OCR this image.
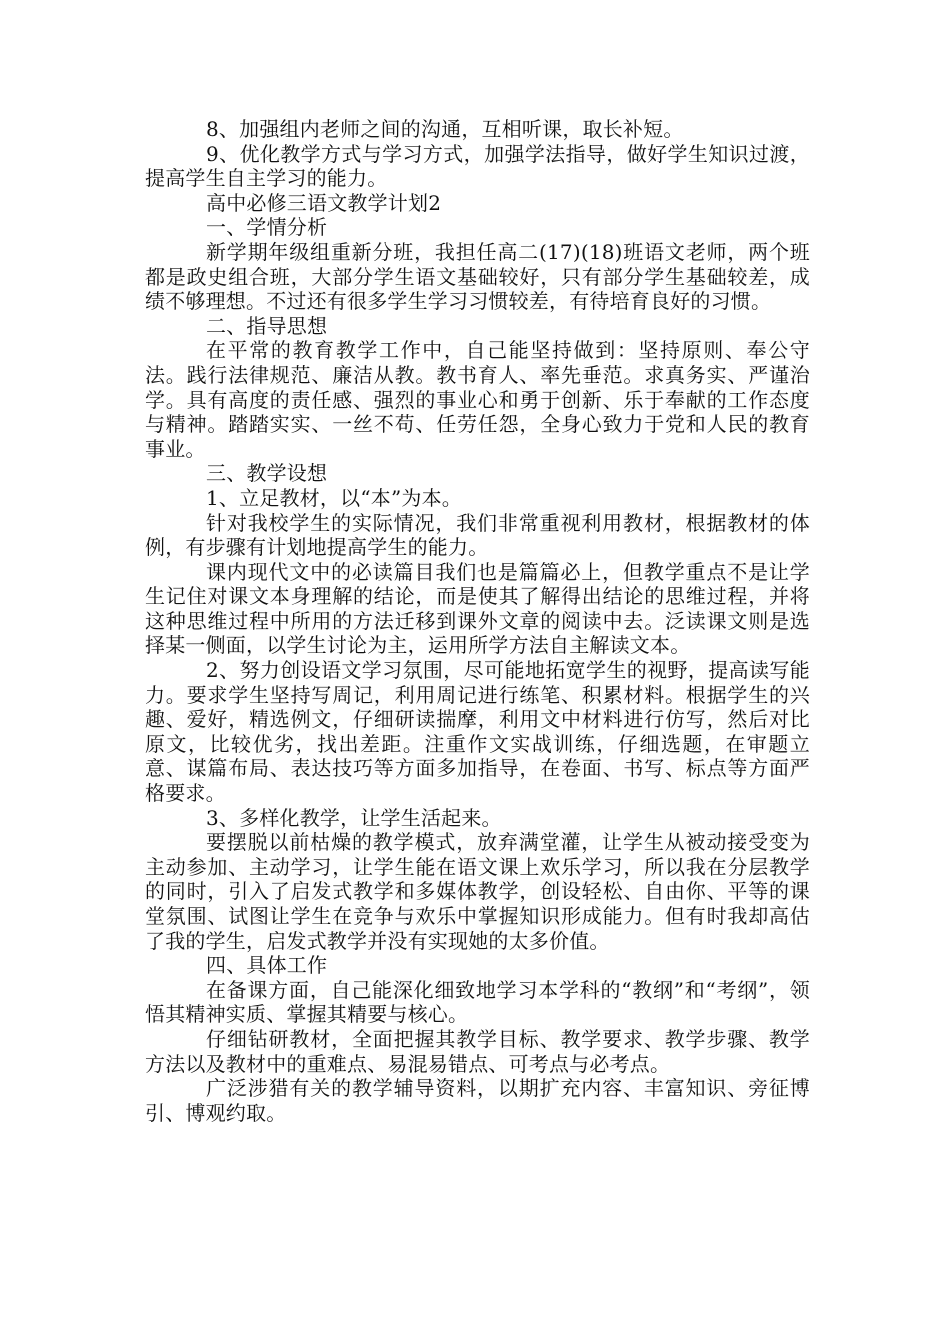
8、加强组内老师之间的沟通，互相听课，取长补短。

9、优化教学方式与学习方式，加强学法指导，做好学生知识过渡，提高学生自主学习的能力。

高中必修三语文教学计划2

一、学情分析

新学期年级组重新分班，我担任高二(17)(18)班语文老师，两个班都是政史组合班，大部分学生语文基础较好，只有部分学生基础较差，成绩不够理想。不过还有很多学生学习习惯较差，有待培育良好的习惯。

二、指导思想

在平常的教育教学工作中，自己能坚持做到：坚持原则、奉公守法。践行法律规范、廉洁从教。教书育人、率先垂范。求真务实、严谨治学。具有高度的责任感、强烈的事业心和勇于创新、乐于奉献的工作态度与精神。踏踏实实、一丝不苟、任劳任怨，全身心致力于党和人民的教育事业。

三、教学设想

1、立足教材，以“本”为本。

针对我校学生的实际情况，我们非常重视利用教材，根据教材的体例，有步骤有计划地提高学生的能力。

课内现代文中的必读篇目我们也是篇篇必上，但教学重点不是让学生记住对课文本身理解的结论，而是使其了解得出结论的思维过程，并将这种思维过程中所用的方法迁移到课外文章的阅读中去。泛读课文则是选择某一侧面，以学生讨论为主，运用所学方法自主解读文本。

2、努力创设语文学习氛围，尽可能地拓宽学生的视野，提高读写能力。要求学生坚持写周记，利用周记进行练笔、积累材料。根据学生的兴趣、爱好，精选例文，仔细研读揣摩，利用文中材料进行仿写，然后对比原文，比较优劣，找出差距。注重作文实战训练，仔细选题，在审题立意、谋篇布局、表达技巧等方面多加指导，在卷面、书写、标点等方面严格要求。

3、多样化教学，让学生活起来。

要摆脱以前枯燥的教学模式，放弃满堂灌，让学生从被动接受变为主动参加、主动学习，让学生能在语文课上欢乐学习，所以我在分层教学的同时，引入了启发式教学和多媒体教学，创设轻松、自由你、平等的课堂氛围、试图让学生在竞争与欢乐中掌握知识形成能力。但有时我却高估了我的学生，启发式教学并没有实现她的太多价值。

四、具体工作

在备课方面，自己能深化细致地学习本学科的“教纲”和“考纲”，领悟其精神实质、掌握其精要与核心。

仔细钻研教材，全面把握其教学目标、教学要求、教学步骤、教学方法以及教材中的重难点、易混易错点、可考点与必考点。

广泛涉猎有关的教学辅导资料，以期扩充内容、丰富知识、旁征博引、博观约取。
